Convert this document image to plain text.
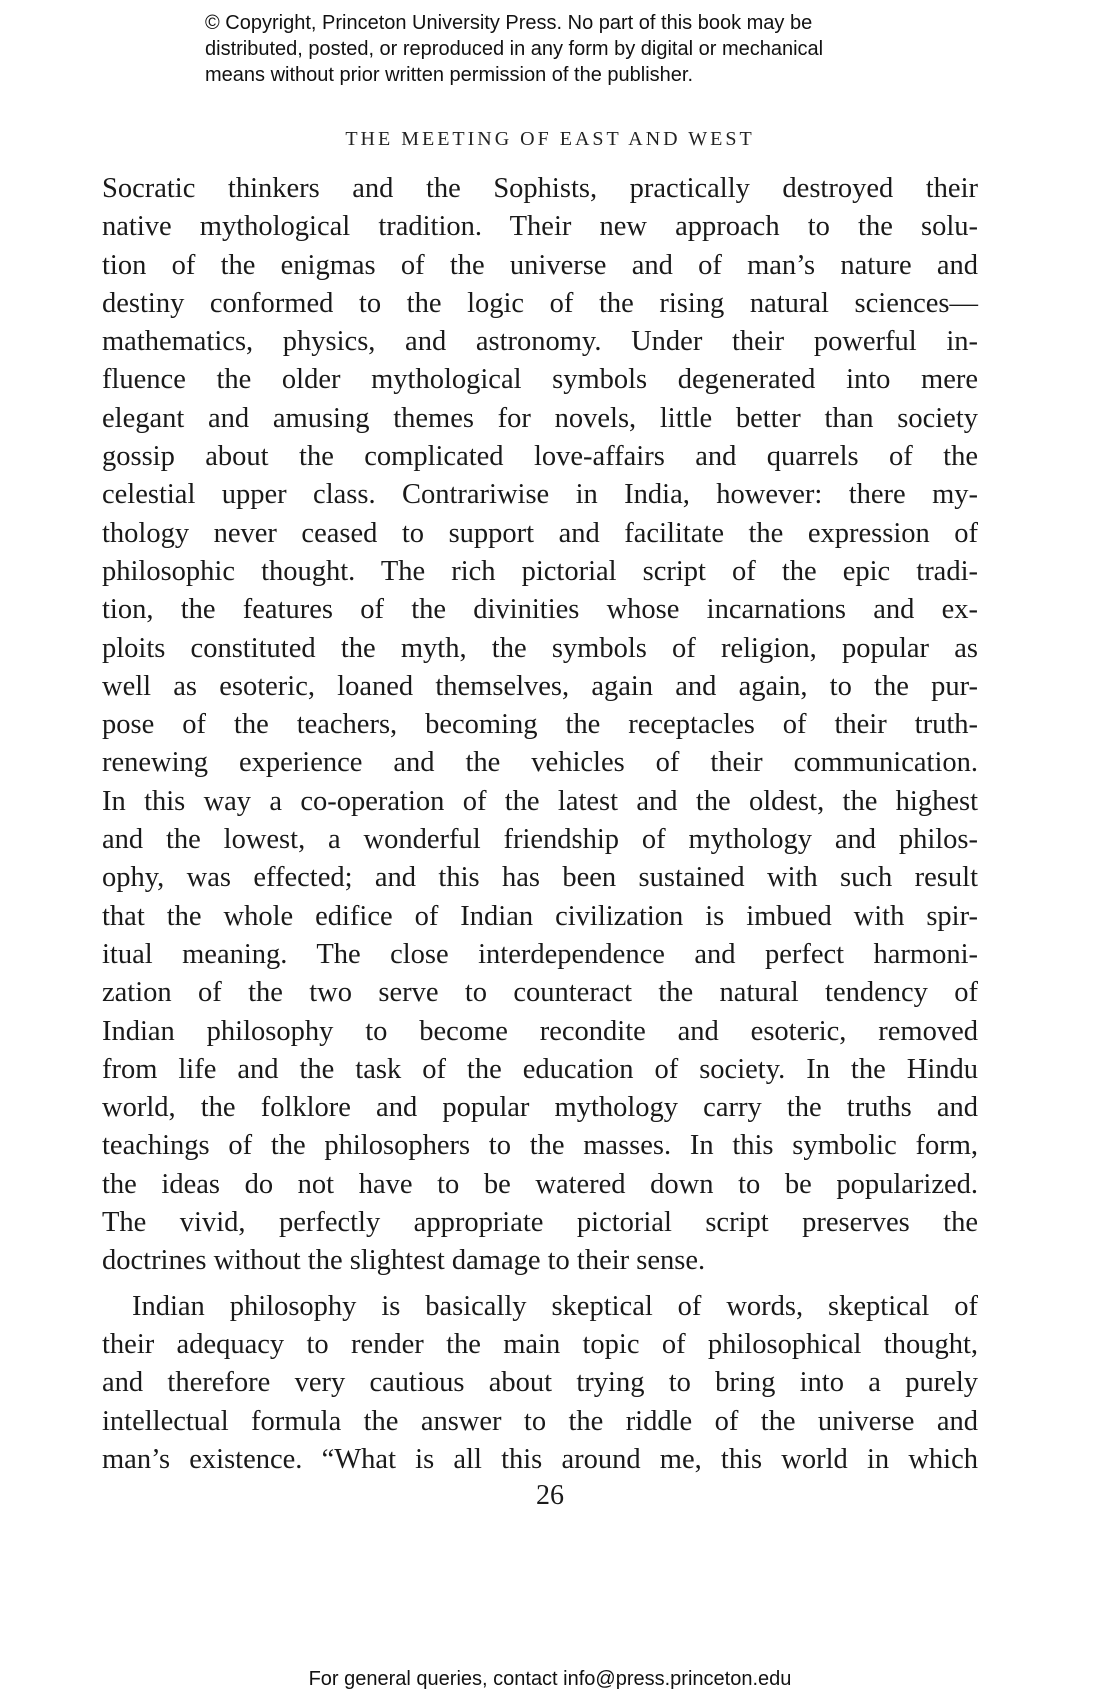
© Copyright, Princeton University Press. No part of this book may be
distributed, posted, or reproduced in any form by digital or mechanical
means without prior written permission of the publisher.
THE MEETING OF EAST AND WEST
Socratic thinkers and the Sophists, practically destroyed their
native mythological tradition. Their new approach to the solu-
tion of the enigmas of the universe and of man’s nature and
destiny conformed to the logic of the rising natural sciences—
mathematics, physics, and astronomy. Under their powerful in-
fluence the older mythological symbols degenerated into mere
elegant and amusing themes for novels, little better than society
gossip about the complicated love-affairs and quarrels of the
celestial upper class. Contrariwise in India, however: there my-
thology never ceased to support and facilitate the expression of
philosophic thought. The rich pictorial script of the epic tradi-
tion, the features of the divinities whose incarnations and ex-
ploits constituted the myth, the symbols of religion, popular as
well as esoteric, loaned themselves, again and again, to the pur-
pose of the teachers, becoming the receptacles of their truth-
renewing experience and the vehicles of their communication.
In this way a co-operation of the latest and the oldest, the highest
and the lowest, a wonderful friendship of mythology and philos-
ophy, was effected; and this has been sustained with such result
that the whole edifice of Indian civilization is imbued with spir-
itual meaning. The close interdependence and perfect harmoni-
zation of the two serve to counteract the natural tendency of
Indian philosophy to become recondite and esoteric, removed
from life and the task of the education of society. In the Hindu
world, the folklore and popular mythology carry the truths and
teachings of the philosophers to the masses. In this symbolic form,
the ideas do not have to be watered down to be popularized.
The vivid, perfectly appropriate pictorial script preserves the
doctrines without the slightest damage to their sense.
Indian philosophy is basically skeptical of words, skeptical of
their adequacy to render the main topic of philosophical thought,
and therefore very cautious about trying to bring into a purely
intellectual formula the answer to the riddle of the universe and
man’s existence. “What is all this around me, this world in which
26
For general queries, contact info@press.princeton.edu
